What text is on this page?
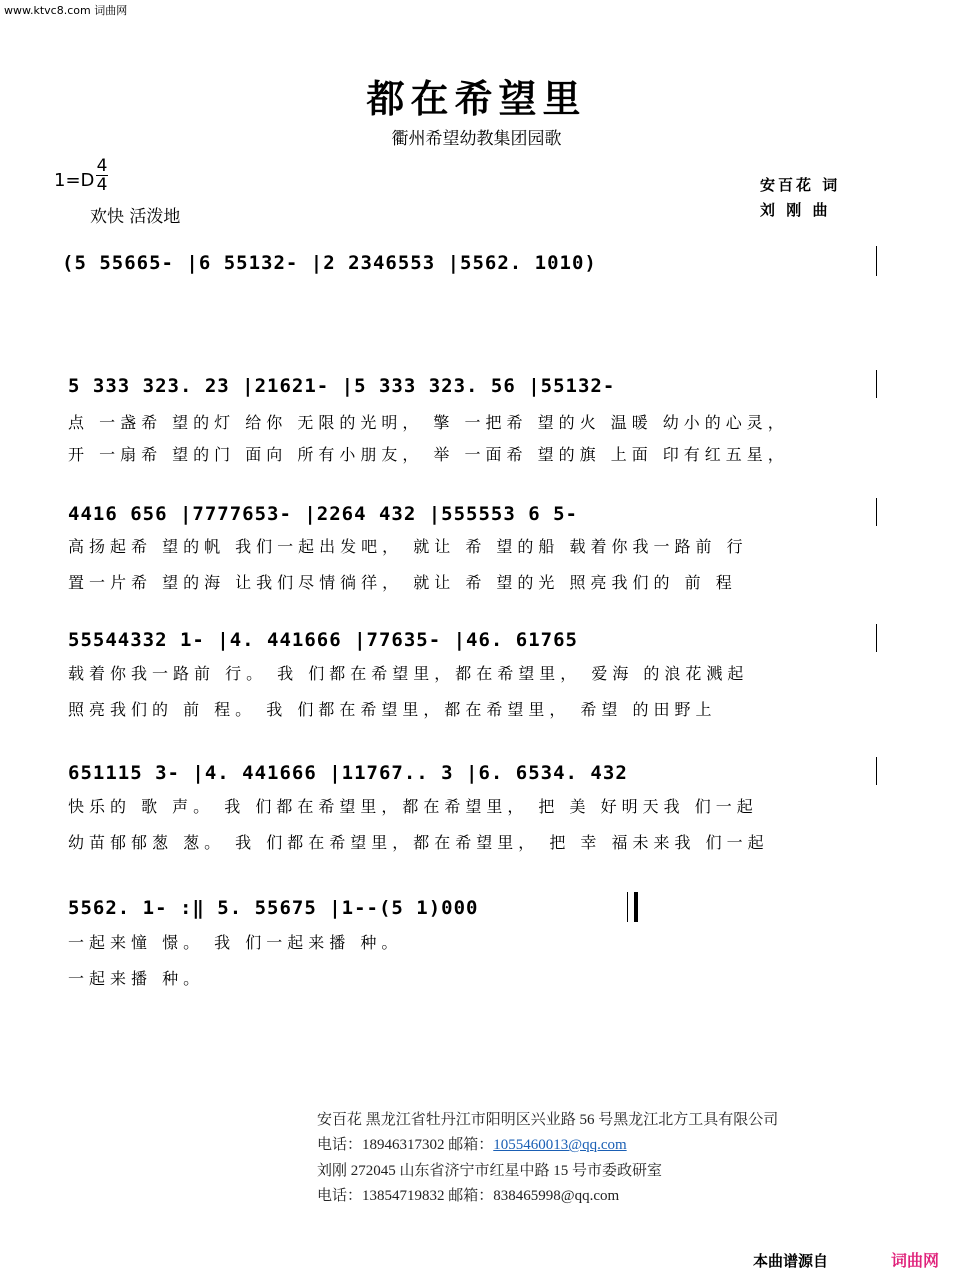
www.ktvc8.com 词曲网
都在希望里
衢州希望幼教集团园歌
1=D
4
4
欢快 活泼地
安百花 词
刘 刚 曲
(5 55665- |6 55132- |2 2346553 |5562. 1010)
5 333 323. 23 |21621- |5 333 323. 56 |55132-
点 一盏希 望的灯 给你 无限的光明， 擎 一把希 望的火 温暖 幼小的心灵，
开 一扇希 望的门 面向 所有小朋友， 举 一面希 望的旗 上面 印有红五星，
4416 656 |7777653- |2264 432 |555553 6 5-
高扬起希 望的帆 我们一起出发吧， 就让 希 望的船 载着你我一路前 行
置一片希 望的海 让我们尽情徜徉， 就让 希 望的光 照亮我们的 前 程
55544332 1- |4. 441666 |77635- |46. 61765
载着你我一路前 行。 我 们都在希望里，都在希望里， 爱海 的浪花溅起
照亮我们的 前 程。 我 们都在希望里，都在希望里， 希望 的田野上
651115 3- |4. 441666 |11767.. 3 |6. 6534. 432
快乐的 歌 声。 我 们都在希望里，都在希望里， 把 美 好明天我 们一起
幼苗郁郁葱 葱。 我 们都在希望里，都在希望里， 把 幸 福未来我 们一起
5562. 1- :‖ 5. 55675 |1--(5 1)000
一起来憧 憬。 我 们一起来播 种。
一起来播 种。
安百花 黑龙江省牡丹江市阳明区兴业路 56 号黑龙江北方工具有限公司
电话：18946317302 邮箱：1055460013@qq.com
刘刚 272045 山东省济宁市红星中路 15 号市委政研室
电话：13854719832 邮箱：838465998@qq.com
本曲谱源自	词曲网
